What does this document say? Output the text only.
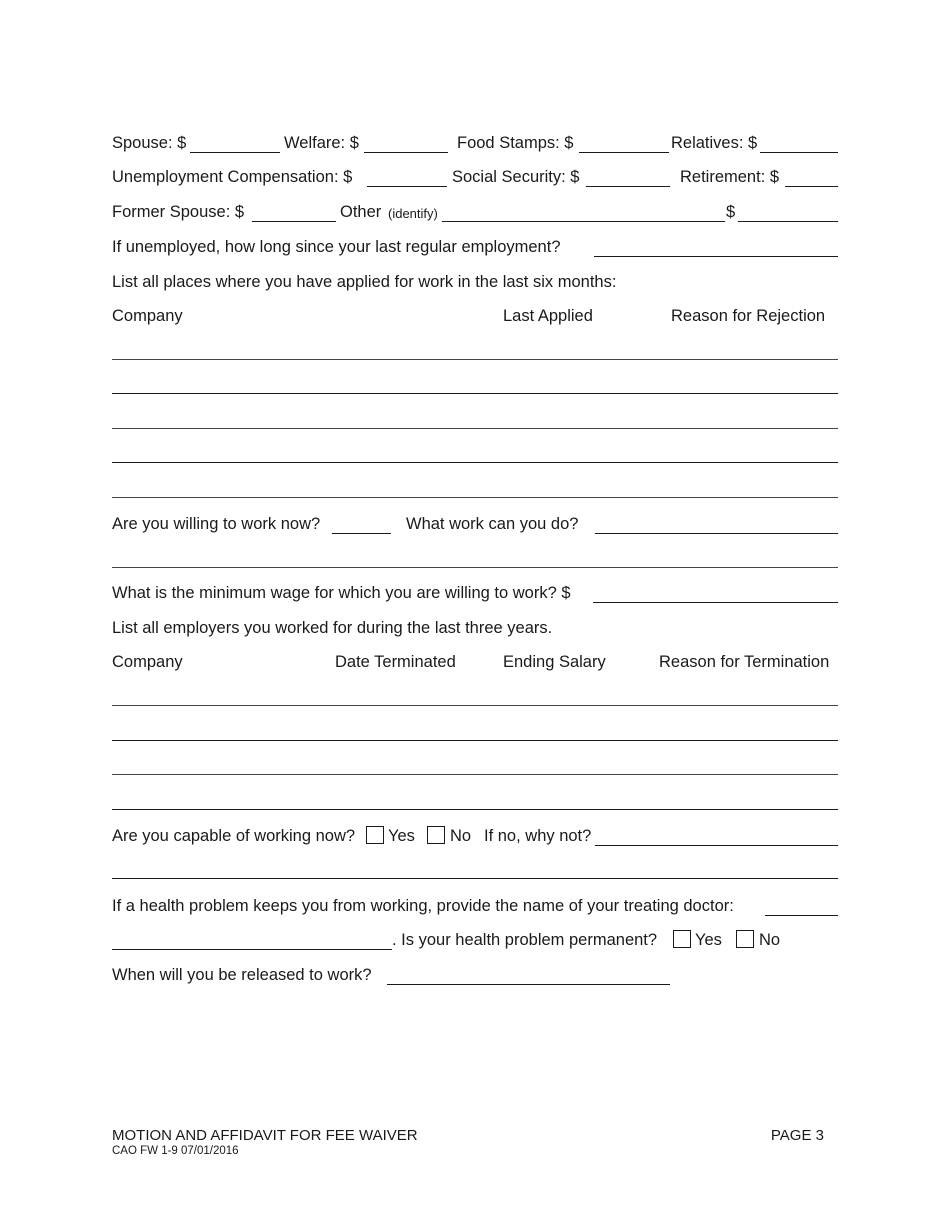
Spouse: $	Welfare: $	Food Stamps: $	Relatives: $
Unemployment Compensation: $	Social Security: $	Retirement: $
Former Spouse: $	Other (identify)	$
If unemployed, how long since your last regular employment?
List all places where you have applied for work in the last six months:
Company	Last Applied	Reason for Rejection
Are you willing to work now?	What work can you do?
What is the minimum wage for which you are willing to work? $
List all employers you worked for during the last three years.
Company	Date Terminated	Ending Salary	Reason for Termination
Are you capable of working now? Yes No If no, why not?
If a health problem keeps you from working, provide the name of your treating doctor:
. Is your health problem permanent? Yes No
When will you be released to work?
MOTION AND AFFIDAVIT FOR FEE WAIVER
CAO FW 1-9 07/01/2016
PAGE 3
